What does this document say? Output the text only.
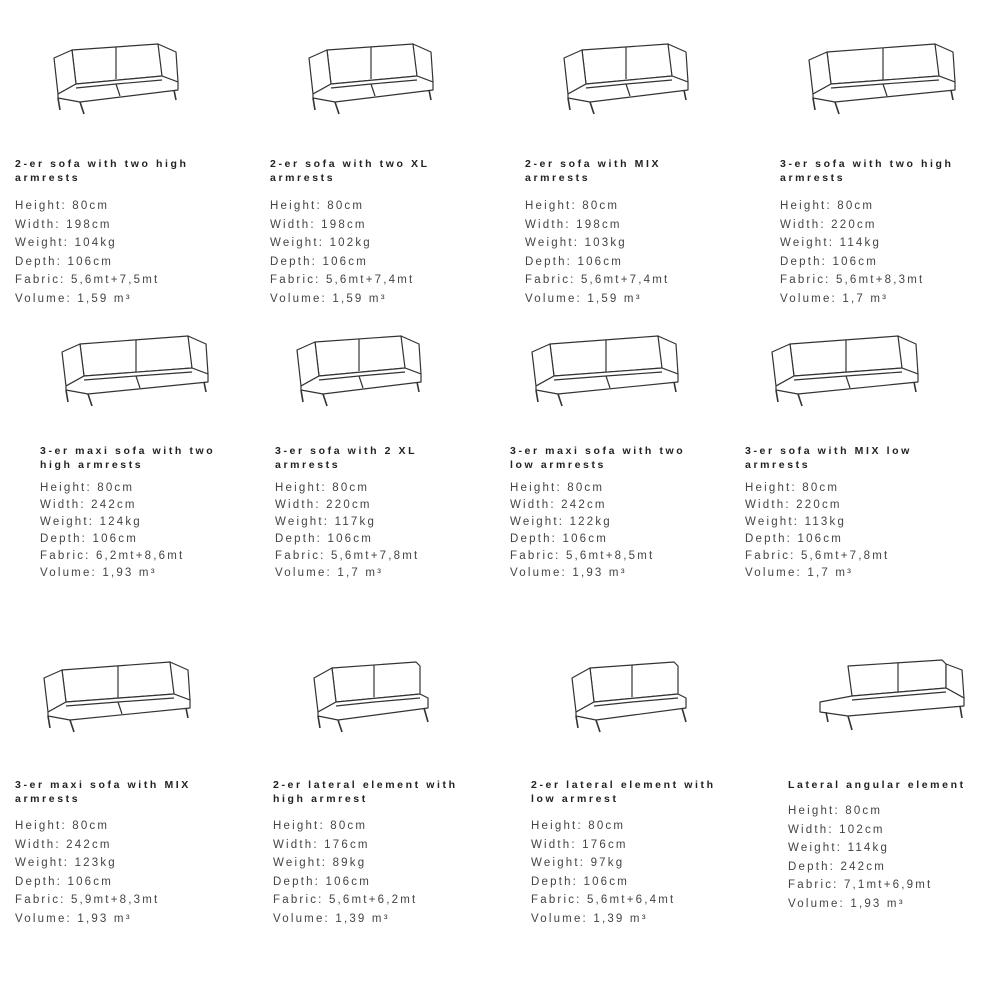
2-er sofa with two high
armrests
Height: 80cm
Width: 198cm
Weight: 104kg
Depth: 106cm
Fabric: 5,6mt+7,5mt
Volume: 1,59 m³
2-er sofa with two XL
armrests
Height: 80cm
Width: 198cm
Weight: 102kg
Depth: 106cm
Fabric: 5,6mt+7,4mt
Volume: 1,59 m³
2-er sofa with MIX
armrests
Height: 80cm
Width: 198cm
Weight: 103kg
Depth: 106cm
Fabric: 5,6mt+7,4mt
Volume: 1,59 m³
3-er sofa with two high
armrests
Height: 80cm
Width: 220cm
Weight: 114kg
Depth: 106cm
Fabric: 5,6mt+8,3mt
Volume: 1,7 m³
3-er maxi sofa with two
high armrests
Height: 80cm
Width: 242cm
Weight: 124kg
Depth: 106cm
Fabric: 6,2mt+8,6mt
Volume: 1,93 m³
3-er sofa with 2 XL
armrests
Height: 80cm
Width: 220cm
Weight: 117kg
Depth: 106cm
Fabric: 5,6mt+7,8mt
Volume: 1,7 m³
3-er maxi sofa with two
low armrests
Height: 80cm
Width: 242cm
Weight: 122kg
Depth: 106cm
Fabric: 5,6mt+8,5mt
Volume: 1,93 m³
3-er sofa with MIX low
armrests
Height: 80cm
Width: 220cm
Weight: 113kg
Depth: 106cm
Fabric: 5,6mt+7,8mt
Volume: 1,7 m³
3-er maxi sofa with MIX
armrests
Height: 80cm
Width: 242cm
Weight: 123kg
Depth: 106cm
Fabric: 5,9mt+8,3mt
Volume: 1,93 m³
2-er lateral element with
high armrest
Height: 80cm
Width: 176cm
Weight: 89kg
Depth: 106cm
Fabric: 5,6mt+6,2mt
Volume: 1,39 m³
2-er lateral element with
low armrest
Height: 80cm
Width: 176cm
Weight: 97kg
Depth: 106cm
Fabric: 5,6mt+6,4mt
Volume: 1,39 m³
Lateral angular element
Height: 80cm
Width: 102cm
Weight: 114kg
Depth: 242cm
Fabric: 7,1mt+6,9mt
Volume: 1,93 m³
